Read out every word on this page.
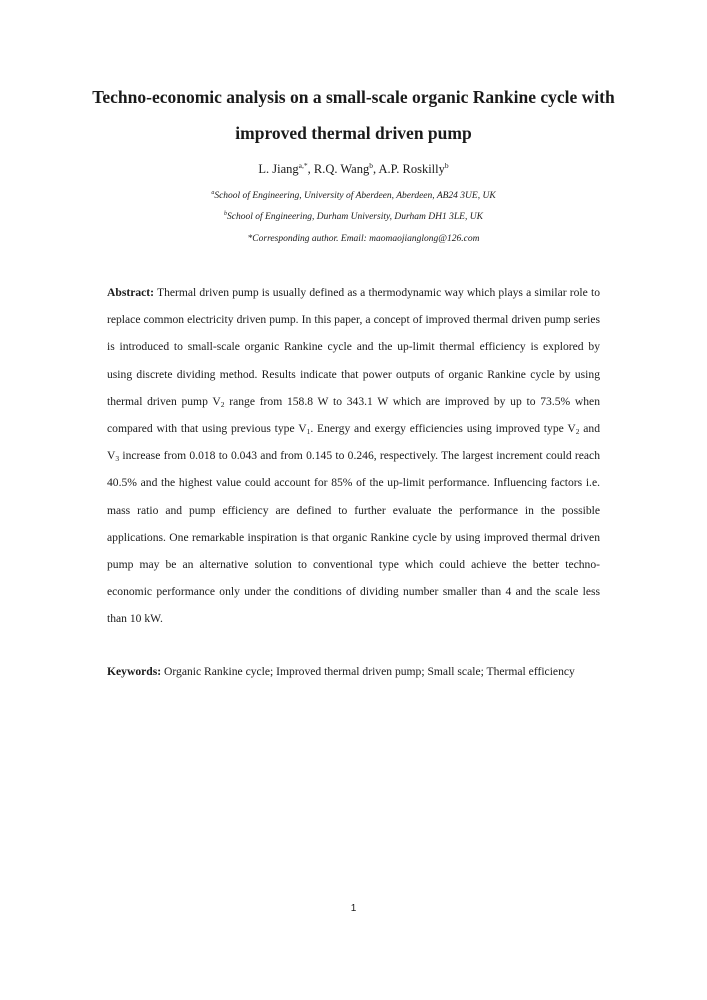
Techno-economic analysis on a small-scale organic Rankine cycle with
improved thermal driven pump
L. Jiang$^{a,*}$, R.Q. Wang$^b$, A.P. Roskilly$^b$
$^a$School of Engineering, University of Aberdeen, Aberdeen, AB24 3UE, UK
$^b$School of Engineering, Durham University, Durham DH1 3LE, UK
*Corresponding author. Email: maomaojianglong@126.com
Abstract: Thermal driven pump is usually defined as a thermodynamic way which plays a similar role to replace common electricity driven pump. In this paper, a concept of improved thermal driven pump series is introduced to small-scale organic Rankine cycle and the up-limit thermal efficiency is explored by using discrete dividing method. Results indicate that power outputs of organic Rankine cycle by using thermal driven pump $V_2$ range from 158.8 W to 343.1 W which are improved by up to 73.5% when compared with that using previous type $V_1$. Energy and exergy efficiencies using improved type $V_2$ and $V_3$ increase from 0.018 to 0.043 and from 0.145 to 0.246, respectively. The largest increment could reach 40.5% and the highest value could account for 85% of the up-limit performance. Influencing factors i.e. mass ratio and pump efficiency are defined to further evaluate the performance in the possible applications. One remarkable inspiration is that organic Rankine cycle by using improved thermal driven pump may be an alternative solution to conventional type which could achieve the better techno-economic performance only under the conditions of dividing number smaller than 4 and the scale less than 10 kW.
Keywords: Organic Rankine cycle; Improved thermal driven pump; Small scale; Thermal efficiency
1
